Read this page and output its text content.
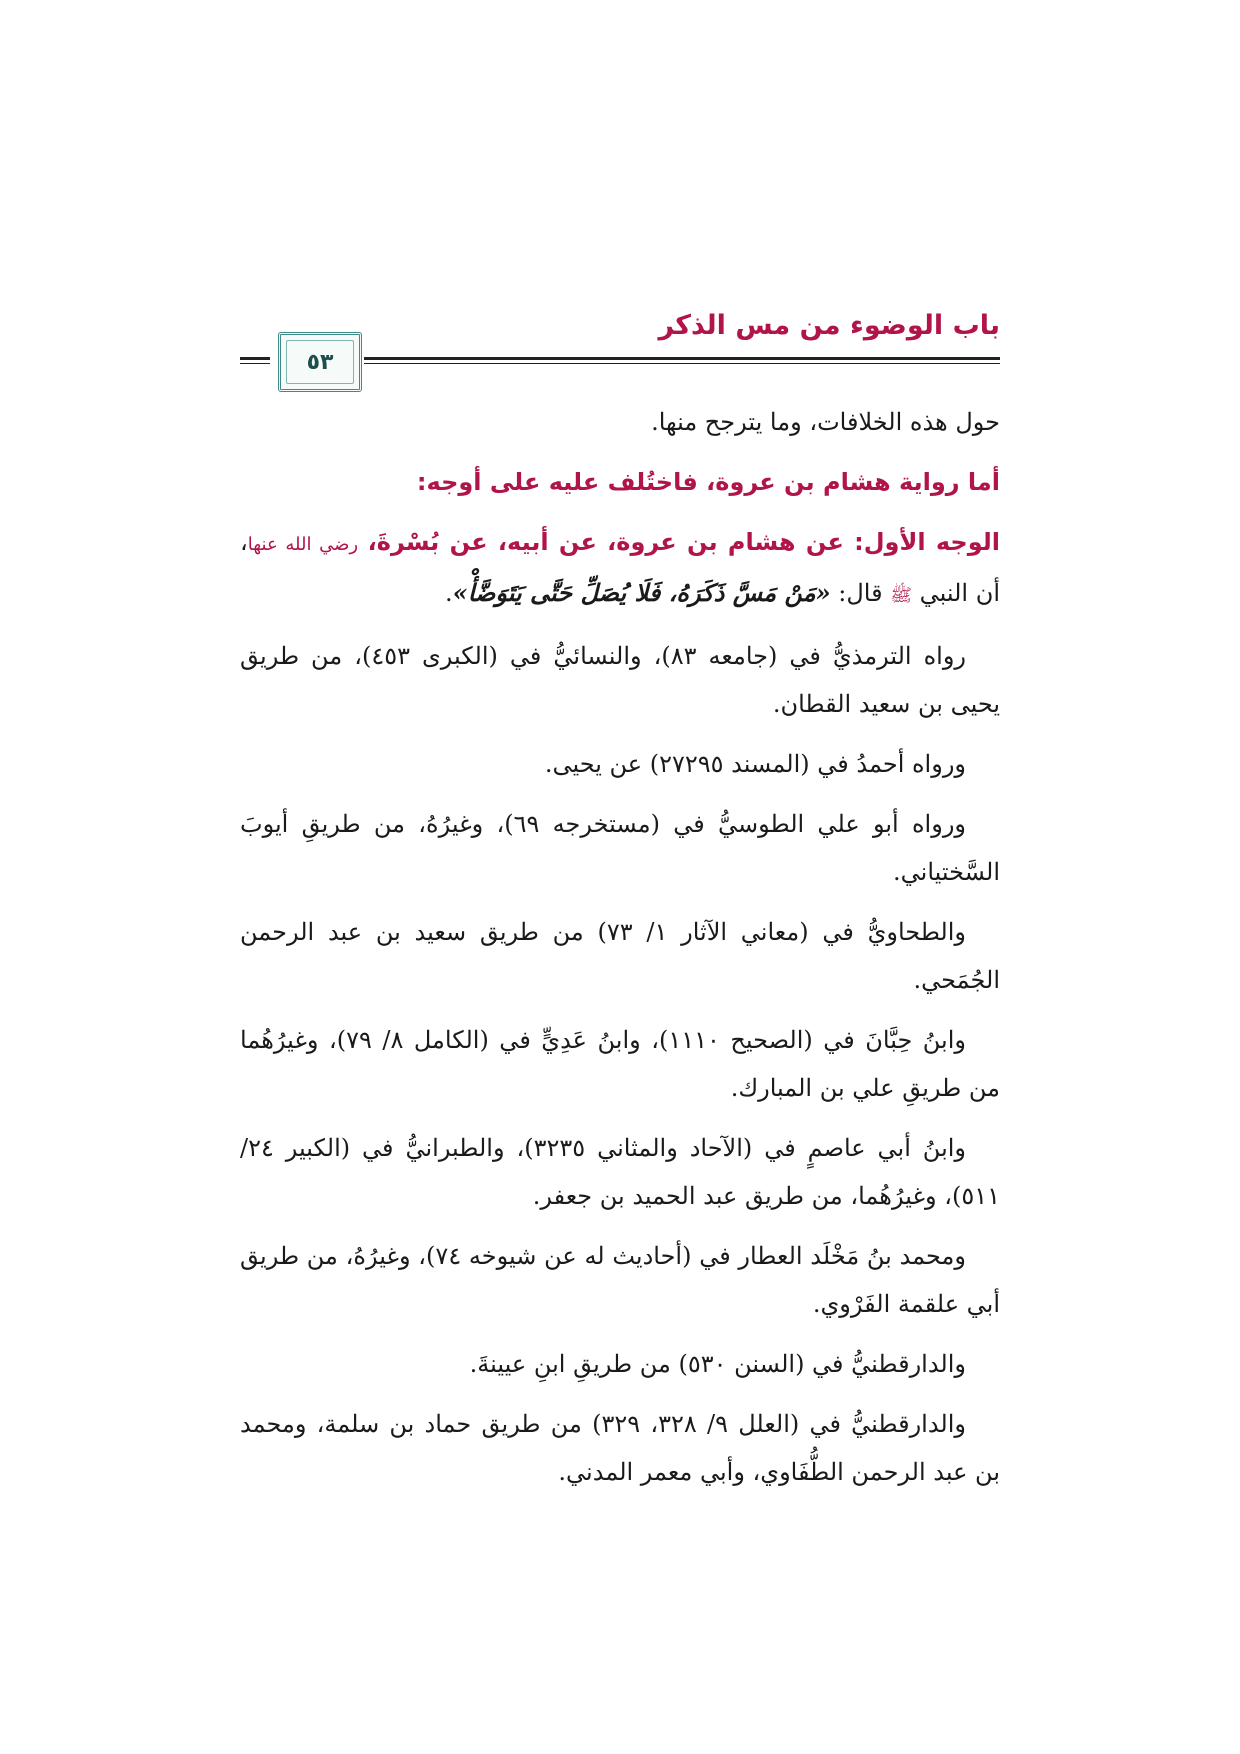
باب الوضوء من مس الذكر
٥٣

حول هذه الخلافات، وما يترجح منها.

أما رواية هشام بن عروة، فاختُلف عليه على أوجه:

الوجه الأول: عن هشام بن عروة، عن أبيه، عن بُسْرةَ، رضي الله عنها، أن النبي ﷺ قال: «مَنْ مَسَّ ذَكَرَهُ، فَلَا يُصَلِّ حَتَّى يَتَوَضَّأْ».

رواه الترمذيُّ في (جامعه ٨٣)، والنسائيُّ في (الكبرى ٤٥٣)، من طريق يحيى بن سعيد القطان.

ورواه أحمدُ في (المسند ٢٧٢٩٥) عن يحيى.

ورواه أبو علي الطوسيُّ في (مستخرجه ٦٩)، وغيرُهُ، من طريقِ أيوبَ السَّختياني.

والطحاويُّ في (معاني الآثار ١/ ٧٣) من طريق سعيد بن عبد الرحمن الجُمَحي.

وابنُ حِبَّانَ في (الصحيح ١١١٠)، وابنُ عَدِيٍّ في (الكامل ٨/ ٧٩)، وغيرُهُما من طريقِ علي بن المبارك.

وابنُ أبي عاصمٍ في (الآحاد والمثاني ٣٢٣٥)، والطبرانيُّ في (الكبير ٢٤/ ٥١١)، وغيرُهُما، من طريق عبد الحميد بن جعفر.

ومحمد بنُ مَخْلَد العطار في (أحاديث له عن شيوخه ٧٤)، وغيرُهُ، من طريق أبي علقمة الفَرْوي.

والدارقطنيُّ في (السنن ٥٣٠) من طريقِ ابنِ عيينةَ.

والدارقطنيُّ في (العلل ٩/ ٣٢٨، ٣٢٩) من طريق حماد بن سلمة، ومحمد بن عبد الرحمن الطُّفَاوي، وأبي معمر المدني.
